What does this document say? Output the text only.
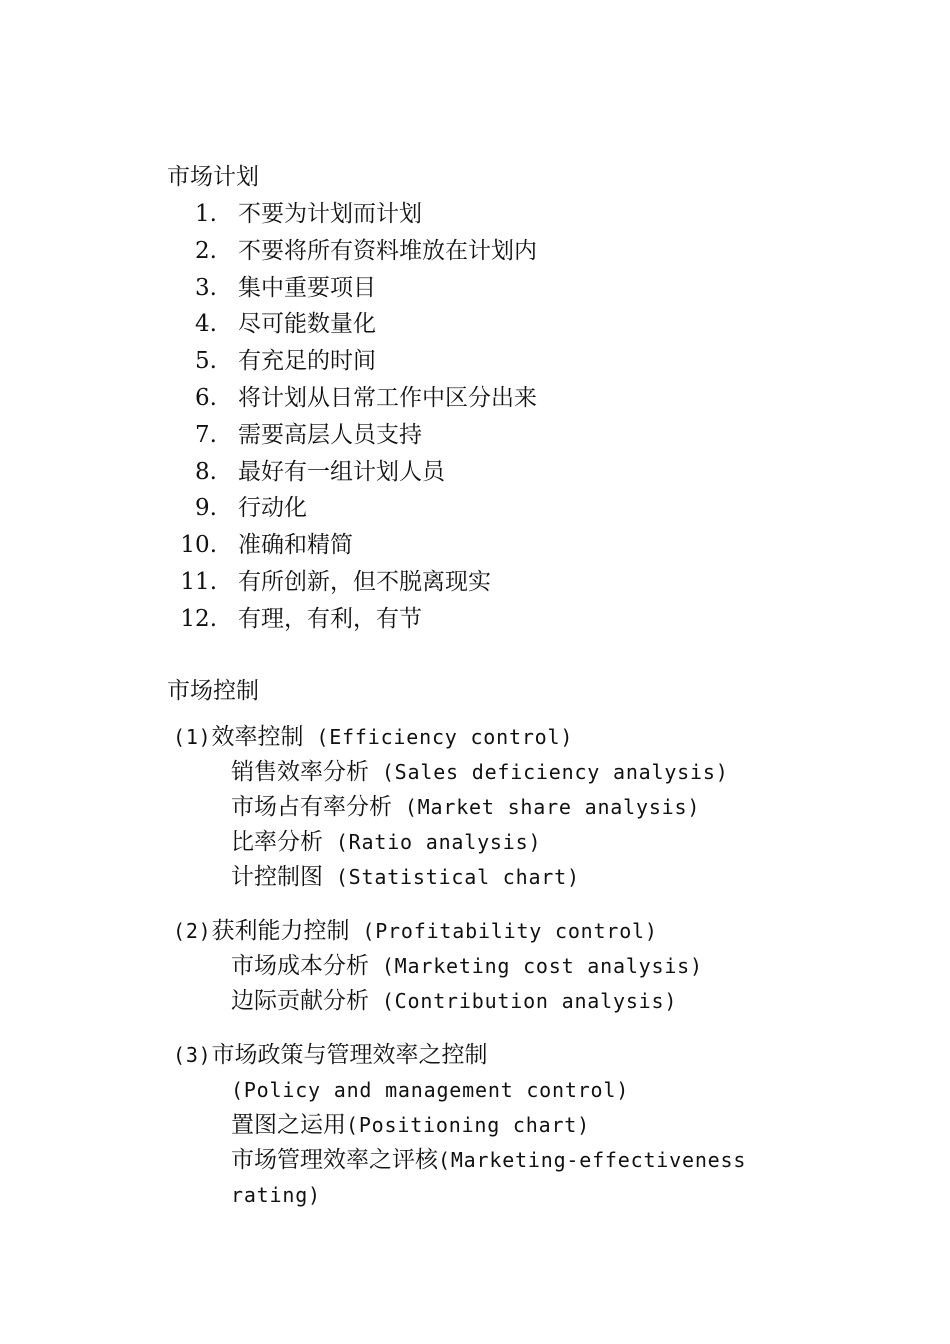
市场计划
1. 不要为计划而计划
2. 不要将所有资料堆放在计划内
3. 集中重要项目
4. 尽可能数量化
5. 有充足的时间
6. 将计划从日常工作中区分出来
7. 需要高层人员支持
8. 最好有一组计划人员
9. 行动化
10. 准确和精简
11. 有所创新，但不脱离现实
12. 有理，有利，有节
市场控制
(1)效率控制 (Efficiency control)
销售效率分析 (Sales deficiency analysis)
市场占有率分析 (Market share analysis)
比率分析 (Ratio analysis)
计控制图 (Statistical chart)
(2)获利能力控制 (Profitability control)
市场成本分析 (Marketing cost analysis)
边际贡献分析 (Contribution analysis)
(3)市场政策与管理效率之控制
(Policy and management control)
置图之运用(Positioning chart)
市场管理效率之评核(Marketing-effectiveness
rating)
